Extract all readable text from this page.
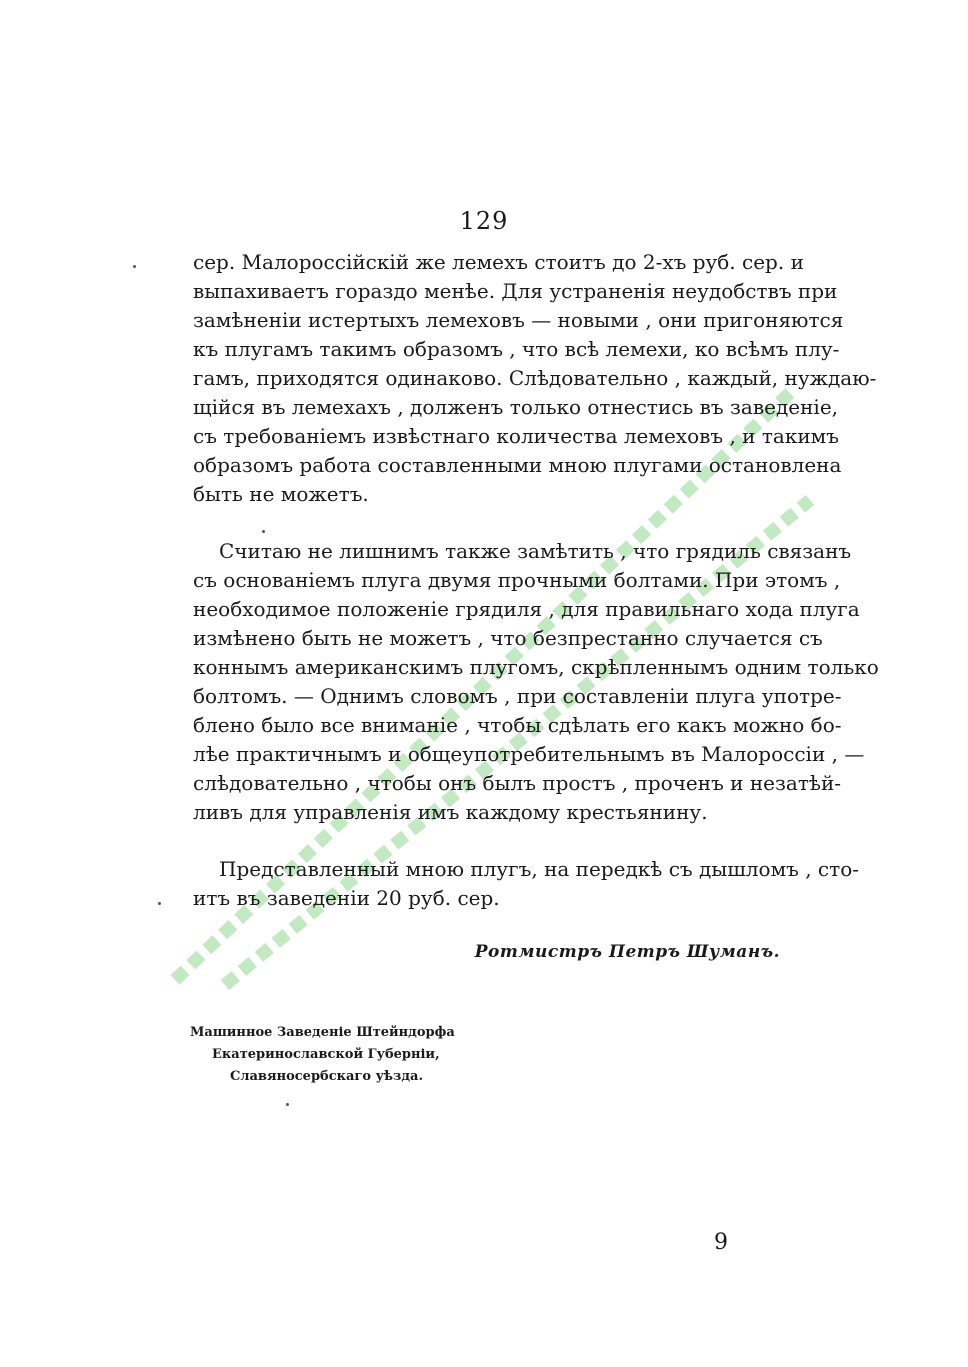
129
сер. Малороссійскій же лемехъ стоитъ до 2-хъ руб. сер. и
выпахиваетъ гораздо менѣе. Для устраненія неудобствъ при
замѣненіи истертыхъ лемеховъ — новыми , они пригоняются
къ плугамъ такимъ образомъ , что всѣ лемехи, ко всѣмъ плу-
гамъ, приходятся одинаково. Слѣдовательно , каждый, нуждаю-
щійся въ лемехахъ , долженъ только отнестись въ заведеніе,
съ требованіемъ извѣстнаго количества лемеховъ , и такимъ
образомъ работа составленными мною плугами остановлена
быть не можетъ.
Считаю не лишнимъ также замѣтить , что грядиль связанъ
съ основаніемъ плуга двумя прочными болтами. При этомъ ,
необходимое положеніе грядиля , для правильнаго хода плуга
измѣнено быть не можетъ , что безпрестанно случается съ
коннымъ американскимъ плугомъ, скрѣпленнымъ одним только
болтомъ. — Однимъ словомъ , при составленіи плуга употре-
блено было все вниманіе , чтобы сдѣлать его какъ можно бо-
лѣе практичнымъ и общеупотребительнымъ въ Малороссіи , —
слѣдовательно , чтобы онъ былъ простъ , проченъ и незатѣй-
ливъ для управленія имъ каждому крестьянину.
Представленный мною плугъ, на передкѣ съ дышломъ , сто-
итъ въ заведеніи 20 руб. сер.
Ротмистръ Петръ Шуманъ.
Машинное Заведеніе Штейндорфа
Екатеринославской Губерніи,
Славяносербскаго уѣзда.
9
